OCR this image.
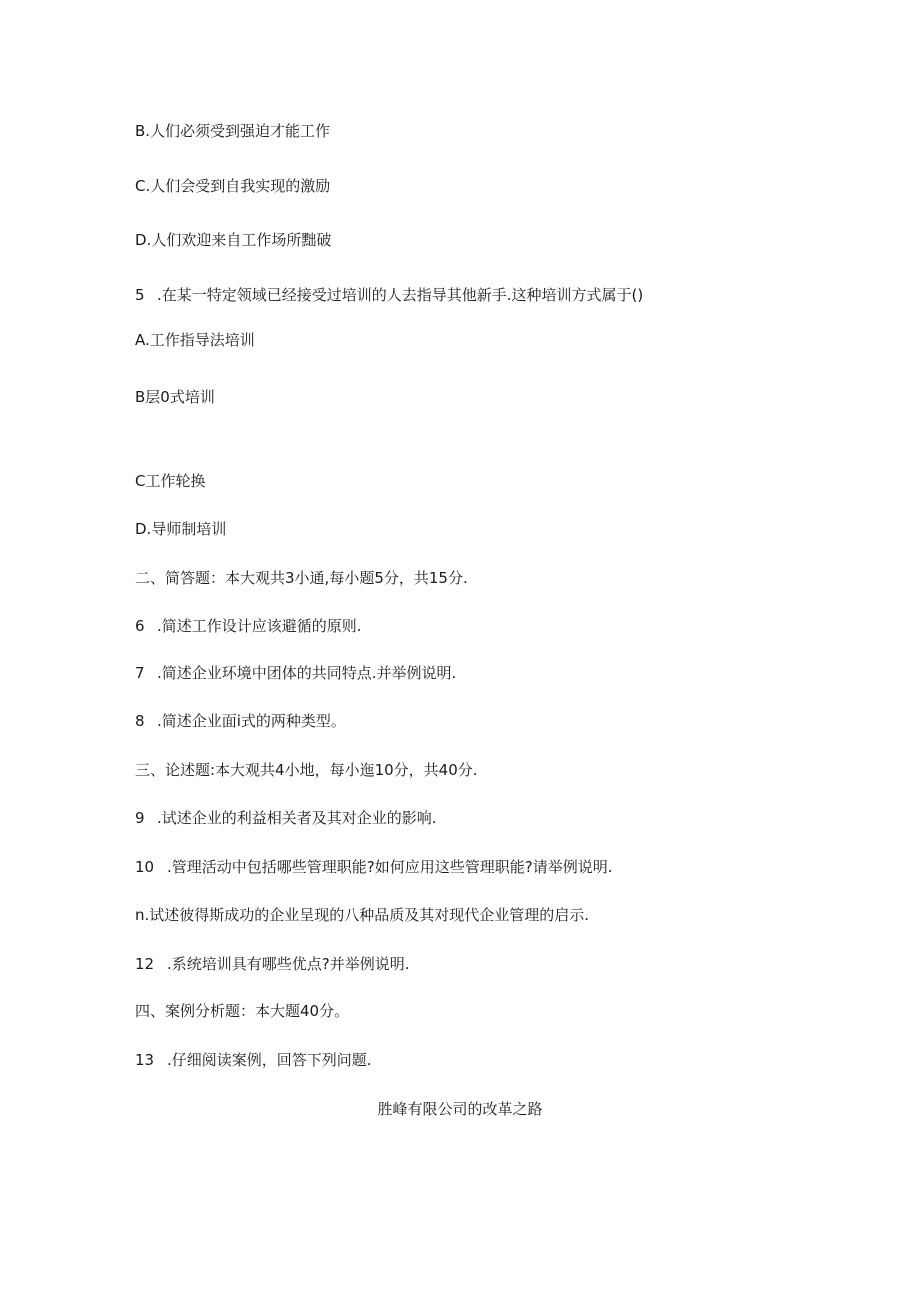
B.人们必须受到强迫才能工作
C.人们会受到自我实现的激励
D.人们欢迎来自工作场所黜破
5 .在某一特定领域已经接受过培训的人去指导其他新手.这种培训方式属于()
A.工作指导法培训
B层0式培训
C工作轮换
D.导师制培训
二、简答题：本大观共3小通,每小题5分，共15分.
6 .简述工作设计应该避循的原则.
7 .简述企业环境中团体的共同特点.并举例说明.
8 .简述企业面i式的两种类型。
三、论述题:本大观共4小地，每小迤10分，共40分.
9 .试述企业的利益相关者及其对企业的影响.
10 .管理活动中包括哪些管理职能?如何应用这些管理职能?请举例说明.
n.试述彼得斯成功的企业呈现的八种品质及其对现代企业管理的启示.
12 .系统培训具有哪些优点?并举例说明.
四、案例分析题：本大题40分。
13 .仔细阅读案例，回答下列问题.
胜峰有限公司的改革之路
